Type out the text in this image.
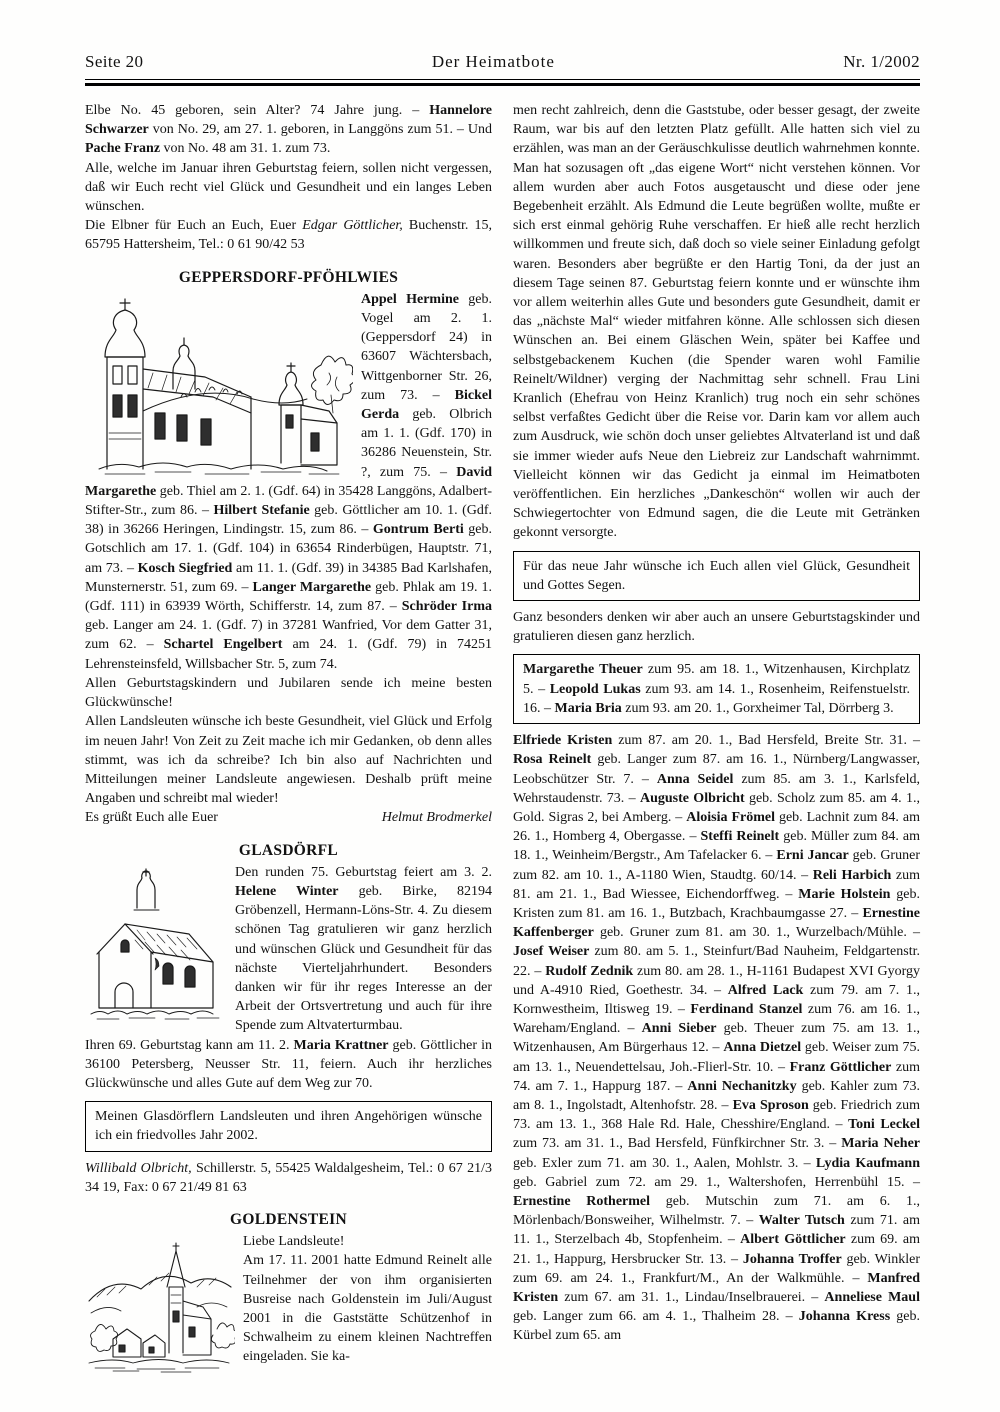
Seite 20	Der Heimatbote	Nr. 1/2002

Elbe No. 45 geboren, sein Alter? 74 Jahre jung. – Hannelore Schwarzer von No. 29, am 27. 1. geboren, in Langgöns zum 51. – Und Pache Franz von No. 48 am 31. 1. zum 73.

Alle, welche im Januar ihren Geburtstag feiern, sollen nicht vergessen, daß wir Euch recht viel Glück und Gesundheit und ein langes Leben wünschen.

Die Elbner für Euch an Euch, Euer Edgar Göttlicher, Buchenstr. 15, 65795 Hattersheim, Tel.: 0 61 90/42 53

GEPPERSDORF-PFÖHLWIES

Appel Hermine geb. Vogel am 2. 1. (Geppersdorf 24) in 63607 Wächtersbach, Wittgenborner Str. 26, zum 73. – Bickel Gerda geb. Olbrich am 1. 1. (Gdf. 170) in 36286 Neuenstein, Str. ?, zum 75. – David Margarethe geb. Thiel am 2. 1. (Gdf. 64) in 35428 Langgöns, Adalbert-Stifter-Str., zum 86. – Hilbert Stefanie geb. Göttlicher am 10. 1. (Gdf. 38) in 36266 Heringen, Lindingstr. 15, zum 86. – Gontrum Berti geb. Gotschlich am 17. 1. (Gdf. 104) in 63654 Rinderbügen, Hauptstr. 71, am 73. – Kosch Siegfried am 11. 1. (Gdf. 39) in 34385 Bad Karlshafen, Munsternerstr. 51, zum 69. – Langer Margarethe geb. Phlak am 19. 1. (Gdf. 111) in 63939 Wörth, Schifferstr. 14, zum 87. – Schröder Irma geb. Langer am 24. 1. (Gdf. 7) in 37281 Wanfried, Vor dem Gatter 31, zum 62. – Schartel Engelbert am 24. 1. (Gdf. 79) in 74251 Lehrensteinsfeld, Willsbacher Str. 5, zum 74.

Allen Geburtstagskindern und Jubilaren sende ich meine besten Glückwünsche!

Allen Landsleuten wünsche ich beste Gesundheit, viel Glück und Erfolg im neuen Jahr! Von Zeit zu Zeit mache ich mir Gedanken, ob denn alles stimmt, was ich da schreibe? Ich bin also auf Nachrichten und Mitteilungen meiner Landsleute angewiesen. Deshalb prüft meine Angaben und schreibt mal wieder!

Es grüßt Euch alle Euer	Helmut Brodmerkel
GLASDÖRFL

Den runden 75. Geburtstag feiert am 3. 2. Helene Winter geb. Birke, 82194 Gröbenzell, Hermann-Löns-Str. 4. Zu diesem schönen Tag gratulieren wir ganz herzlich und wünschen Glück und Gesundheit für das nächste Vierteljahrhundert. Besonders danken wir für ihr reges Interesse an der Arbeit der Ortsvertretung und auch für ihre Spende zum Altvaterturmbau.

Ihren 69. Geburtstag kann am 11. 2. Maria Krattner geb. Göttlicher in 36100 Petersberg, Neusser Str. 11, feiern. Auch ihr herzliches Glückwünsche und alles Gute auf dem Weg zur 70.

Meinen Glasdörflern Landsleuten und ihren Angehörigen wünsche ich ein friedvolles Jahr 2002.

Willibald Olbricht, Schillerstr. 5, 55425 Waldalgesheim, Tel.: 0 67 21/3 34 19, Fax: 0 67 21/49 81 63

GOLDENSTEIN

Liebe Landsleute!

Am 17. 11. 2001 hatte Edmund Reinelt alle Teilnehmer der von ihm organisierten Busreise nach Goldenstein im Juli/August 2001 in die Gaststätte Schützenhof in Schwalheim zu einem kleinen Nachtreffen eingeladen. Sie ka-

men recht zahlreich, denn die Gaststube, oder besser gesagt, der zweite Raum, war bis auf den letzten Platz gefüllt. Alle hatten sich viel zu erzählen, was man an der Geräuschkulisse deutlich wahrnehmen konnte. Man hat sozusagen oft „das eigene Wort“ nicht verstehen können. Vor allem wurden aber auch Fotos ausgetauscht und diese oder jene Begebenheit erzählt. Als Edmund die Leute begrüßen wollte, mußte er sich erst einmal gehörig Ruhe verschaffen. Er hieß alle recht herzlich willkommen und freute sich, daß doch so viele seiner Einladung gefolgt waren. Besonders aber begrüßte er den Hartig Toni, da der just an diesem Tage seinen 87. Geburtstag feiern konnte und er wünschte ihm vor allem weiterhin alles Gute und besonders gute Gesundheit, damit er das „nächste Mal“ wieder mitfahren könne. Alle schlossen sich diesen Wünschen an. Bei einem Gläschen Wein, später bei Kaffee und selbstgebackenem Kuchen (die Spender waren wohl Familie Reinelt/Wildner) verging der Nachmittag sehr schnell. Frau Lini Kranlich (Ehefrau von Heinz Kranlich) trug noch ein sehr schönes selbst verfaßtes Gedicht über die Reise vor. Darin kam vor allem auch zum Ausdruck, wie schön doch unser geliebtes Altvaterland ist und daß sie immer wieder aufs Neue den Liebreiz zur Landschaft wahrnimmt. Vielleicht können wir das Gedicht ja einmal im Heimatboten veröffentlichen. Ein herzliches „Dankeschön“ wollen wir auch der Schwiegertochter von Edmund sagen, die die Leute mit Getränken gekonnt versorgte.

Für das neue Jahr wünsche ich Euch allen viel Glück, Gesundheit und Gottes Segen.

Ganz besonders denken wir aber auch an unsere Geburtstagskinder und gratulieren diesen ganz herzlich.

Margarethe Theuer zum 95. am 18. 1., Witzenhausen, Kirchplatz 5. – Leopold Lukas zum 93. am 14. 1., Rosenheim, Reifenstuelstr. 16. – Maria Bria zum 93. am 20. 1., Gorxheimer Tal, Dörrberg 3.

Elfriede Kristen zum 87. am 20. 1., Bad Hersfeld, Breite Str. 31. – Rosa Reinelt geb. Langer zum 87. am 16. 1., Nürnberg/Langwasser, Leobschützer Str. 7. – Anna Seidel zum 85. am 3. 1., Karlsfeld, Wehrstaudenstr. 73. – Auguste Olbricht geb. Scholz zum 85. am 4. 1., Gold. Sigras 2, bei Amberg. – Aloisia Frömel geb. Lachnit zum 84. am 26. 1., Homberg 4, Obergasse. – Steffi Reinelt geb. Müller zum 84. am 18. 1., Weinheim/Bergstr., Am Tafelacker 6. – Erni Jancar geb. Gruner zum 82. am 10. 1., A-1180 Wien, Staudtg. 60/14. – Reli Harbich zum 81. am 21. 1., Bad Wiessee, Eichendorffweg. – Marie Holstein geb. Kristen zum 81. am 16. 1., Butzbach, Krachbaumgasse 27. – Ernestine Kaffenberger geb. Gruner zum 81. am 30. 1., Wurzelbach/Mühle. – Josef Weiser zum 80. am 5. 1., Steinfurt/Bad Nauheim, Feldgartenstr. 22. – Rudolf Zednik zum 80. am 28. 1., H-1161 Budapest XVI Gyorgy und A-4910 Ried, Goethestr. 34. – Alfred Lack zum 79. am 7. 1., Kornwestheim, Iltisweg 19. – Ferdinand Stanzel zum 76. am 16. 1., Wareham/England. – Anni Sieber geb. Theuer zum 75. am 13. 1., Witzenhausen, Am Bürgerhaus 12. – Anna Dietzel geb. Weiser zum 75. am 13. 1., Neuendettelsau, Joh.-Flierl-Str. 10. – Franz Göttlicher zum 74. am 7. 1., Happurg 187. – Anni Nechanitzky geb. Kahler zum 73. am 8. 1., Ingolstadt, Altenhofstr. 28. – Eva Sproson geb. Friedrich zum 73. am 13. 1., 368 Hale Rd. Hale, Chesshire/England. – Toni Leckel zum 73. am 31. 1., Bad Hersfeld, Fünfkirchner Str. 3. – Maria Neher geb. Exler zum 71. am 30. 1., Aalen, Mohlstr. 3. – Lydia Kaufmann geb. Gabriel zum 72. am 29. 1., Waltershofen, Herrenbühl 15. – Ernestine Rothermel geb. Mutschin zum 71. am 6. 1., Mörlenbach/Bonsweiher, Wilhelmstr. 7. – Walter Tutsch zum 71. am 11. 1., Sterzelbach 4b, Stopfenheim. – Albert Göttlicher zum 69. am 21. 1., Happurg, Hersbrucker Str. 13. – Johanna Troffer geb. Winkler zum 69. am 24. 1., Frankfurt/M., An der Walkmühle. – Manfred Kristen zum 67. am 31. 1., Lindau/Inselbrauerei. – Anneliese Maul geb. Langer zum 66. am 4. 1., Thalheim 28. – Johanna Kress geb. Kürbel zum 65. am
